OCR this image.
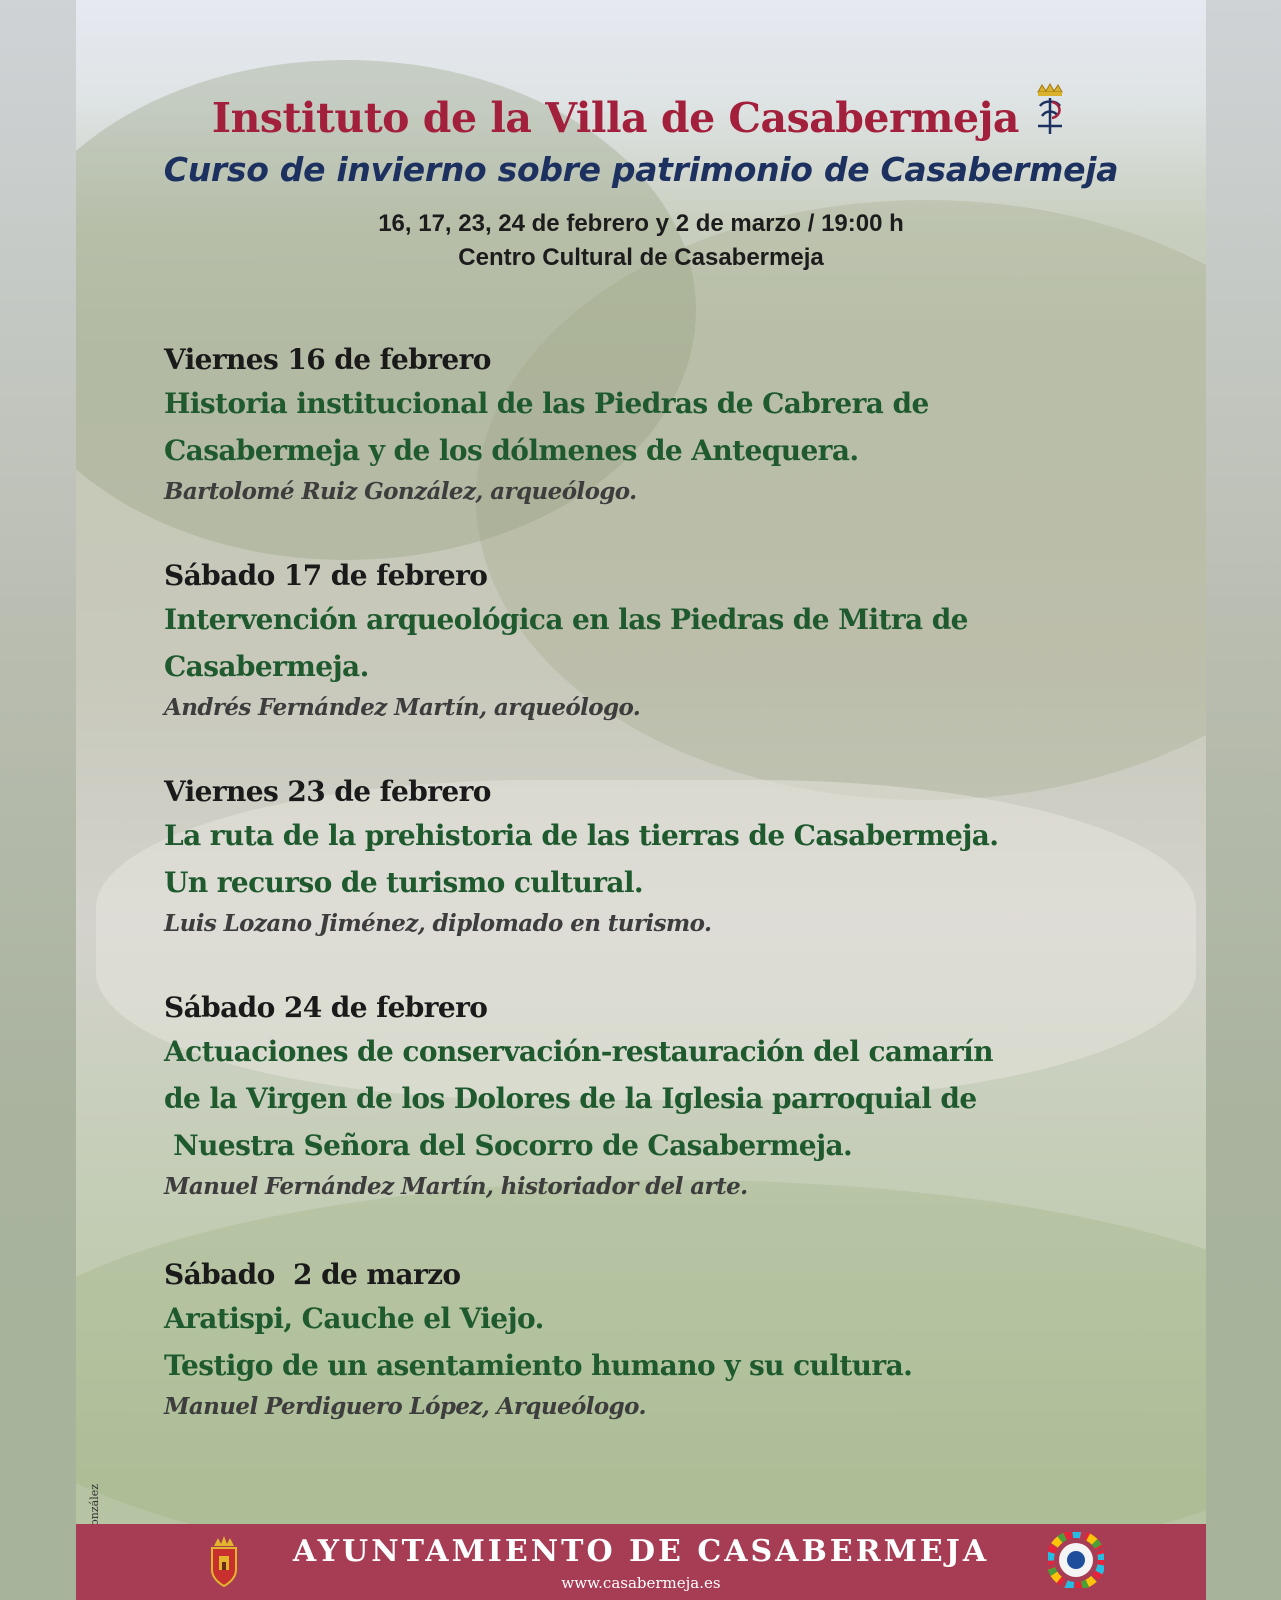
Instituto de la Villa de Casabermeja
Curso de invierno sobre patrimonio de Casabermeja
16, 17, 23, 24 de febrero y 2 de marzo / 19:00 h
Centro Cultural de Casabermeja
Viernes 16 de febrero
Historia institucional de las Piedras de Cabrera de
Casabermeja y de los dólmenes de Antequera.
Bartolomé Ruiz González, arqueólogo.
Sábado 17 de febrero
Intervención arqueológica en las Piedras de Mitra de
Casabermeja.
Andrés Fernández Martín, arqueólogo.
Viernes 23 de febrero
La ruta de la prehistoria de las tierras de Casabermeja.
Un recurso de turismo cultural.
Luis Lozano Jiménez, diplomado en turismo.
Sábado 24 de febrero
Actuaciones de conservación-restauración del camarín
de la Virgen de los Dolores de la Iglesia parroquial de
Nuestra Señora del Socorro de Casabermeja.
Manuel Fernández Martín, historiador del arte.
Sábado  2 de marzo
Aratispi, Cauche el Viejo.
Testigo de un asentamiento humano y su cultura.
Manuel Perdiguero López, Arqueólogo.
AYUNTAMIENTO DE CASABERMEJA
www.casabermeja.es
